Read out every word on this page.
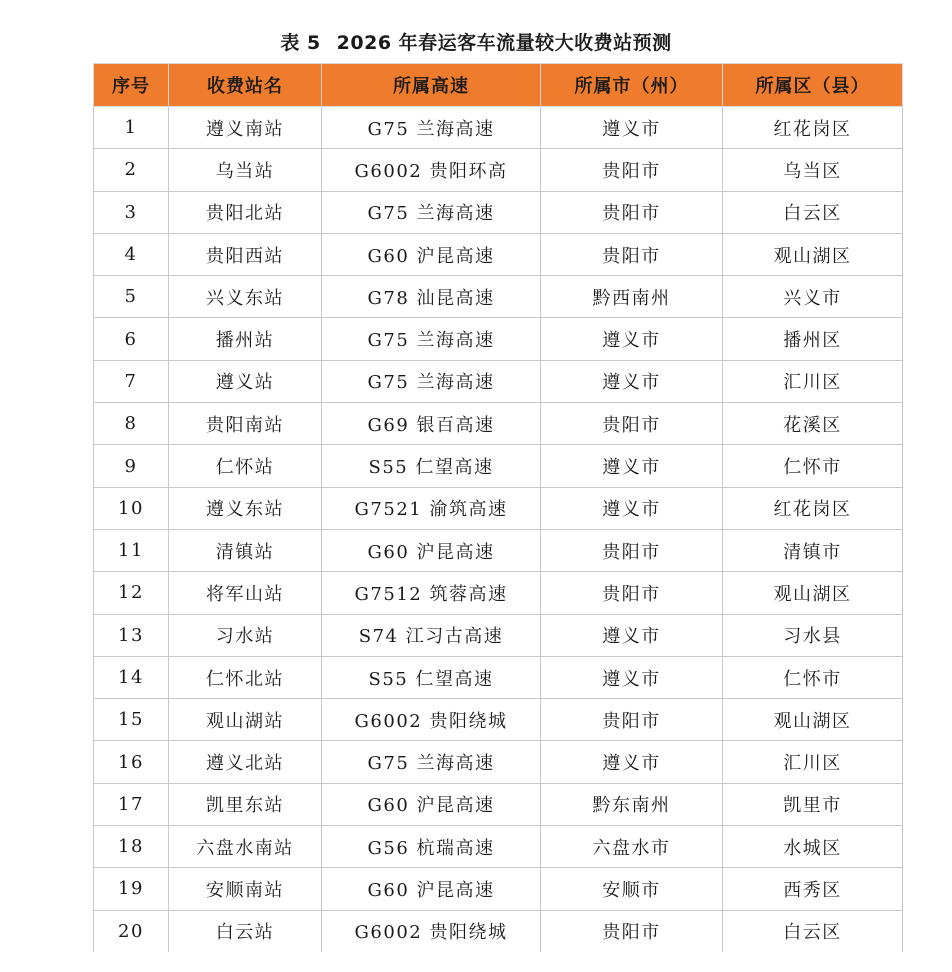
表 5 2026 年春运客车流量较大收费站预测
序号	收费站名	所属高速	所属市（州）	所属区（县）
1	遵义南站	G75 兰海高速	遵义市	红花岗区
2	乌当站	G6002 贵阳环高	贵阳市	乌当区
3	贵阳北站	G75 兰海高速	贵阳市	白云区
4	贵阳西站	G60 沪昆高速	贵阳市	观山湖区
5	兴义东站	G78 汕昆高速	黔西南州	兴义市
6	播州站	G75 兰海高速	遵义市	播州区
7	遵义站	G75 兰海高速	遵义市	汇川区
8	贵阳南站	G69 银百高速	贵阳市	花溪区
9	仁怀站	S55 仁望高速	遵义市	仁怀市
10	遵义东站	G7521 渝筑高速	遵义市	红花岗区
11	清镇站	G60 沪昆高速	贵阳市	清镇市
12	将军山站	G7512 筑蓉高速	贵阳市	观山湖区
13	习水站	S74 江习古高速	遵义市	习水县
14	仁怀北站	S55 仁望高速	遵义市	仁怀市
15	观山湖站	G6002 贵阳绕城	贵阳市	观山湖区
16	遵义北站	G75 兰海高速	遵义市	汇川区
17	凯里东站	G60 沪昆高速	黔东南州	凯里市
18	六盘水南站	G56 杭瑞高速	六盘水市	水城区
19	安顺南站	G60 沪昆高速	安顺市	西秀区
20	白云站	G6002 贵阳绕城	贵阳市	白云区
